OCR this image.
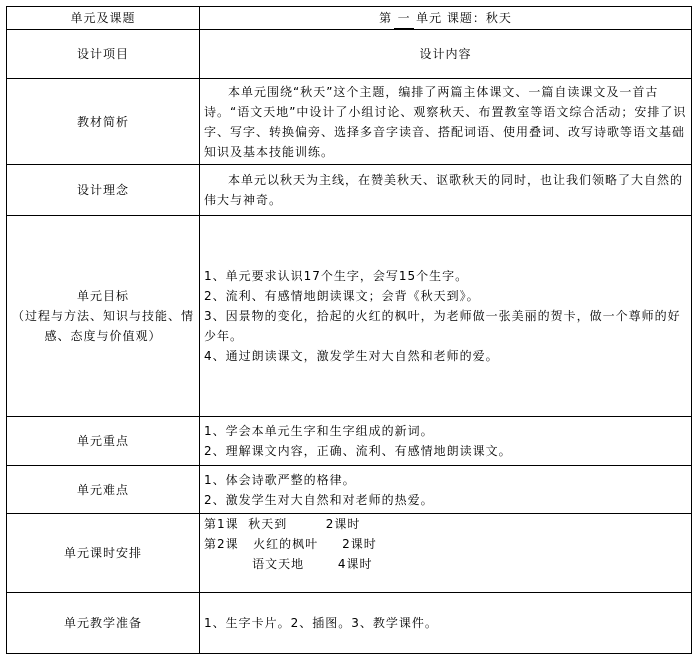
单元及课题	第 一 单元 课题：秋天
设计项目	设计内容
教材简析	本单元围绕“秋天”这个主题，编排了两篇主体课文、一篇自读课文及一首古诗。“语文天地”中设计了小组讨论、观察秋天、布置教室等语文综合活动；安排了识字、写字、转换偏旁、选择多音字读音、搭配词语、使用叠词、改写诗歌等语文基础知识及基本技能训练。

设计理念	本单元以秋天为主线，在赞美秋天、讴歌秋天的同时，也让我们领略了大自然的伟大与神奇。

单元目标
（过程与方法、知识与技能、情感、态度与价值观）	1、单元要求认识17个生字，会写15个生字。
2、流利、有感情地朗读课文；会背《秋天到》。
3、因景物的变化，拾起的火红的枫叶，为老师做一张美丽的贺卡，做一个尊师的好少年。
4、通过朗读课文，激发学生对大自然和老师的爱。

单元重点	1、学会本单元生字和生字组成的新词。
2、理解课文内容，正确、流利、有感情地朗读课文。

单元难点	1、体会诗歌严整的格律。
2、激发学生对大自然和对老师的热爱。

单元课时安排	第1课  秋天到        2课时
第2课   火红的枫叶     2课时
语文天地       4课时

单元教学准备	1、生字卡片。2、插图。3、教学课件。
